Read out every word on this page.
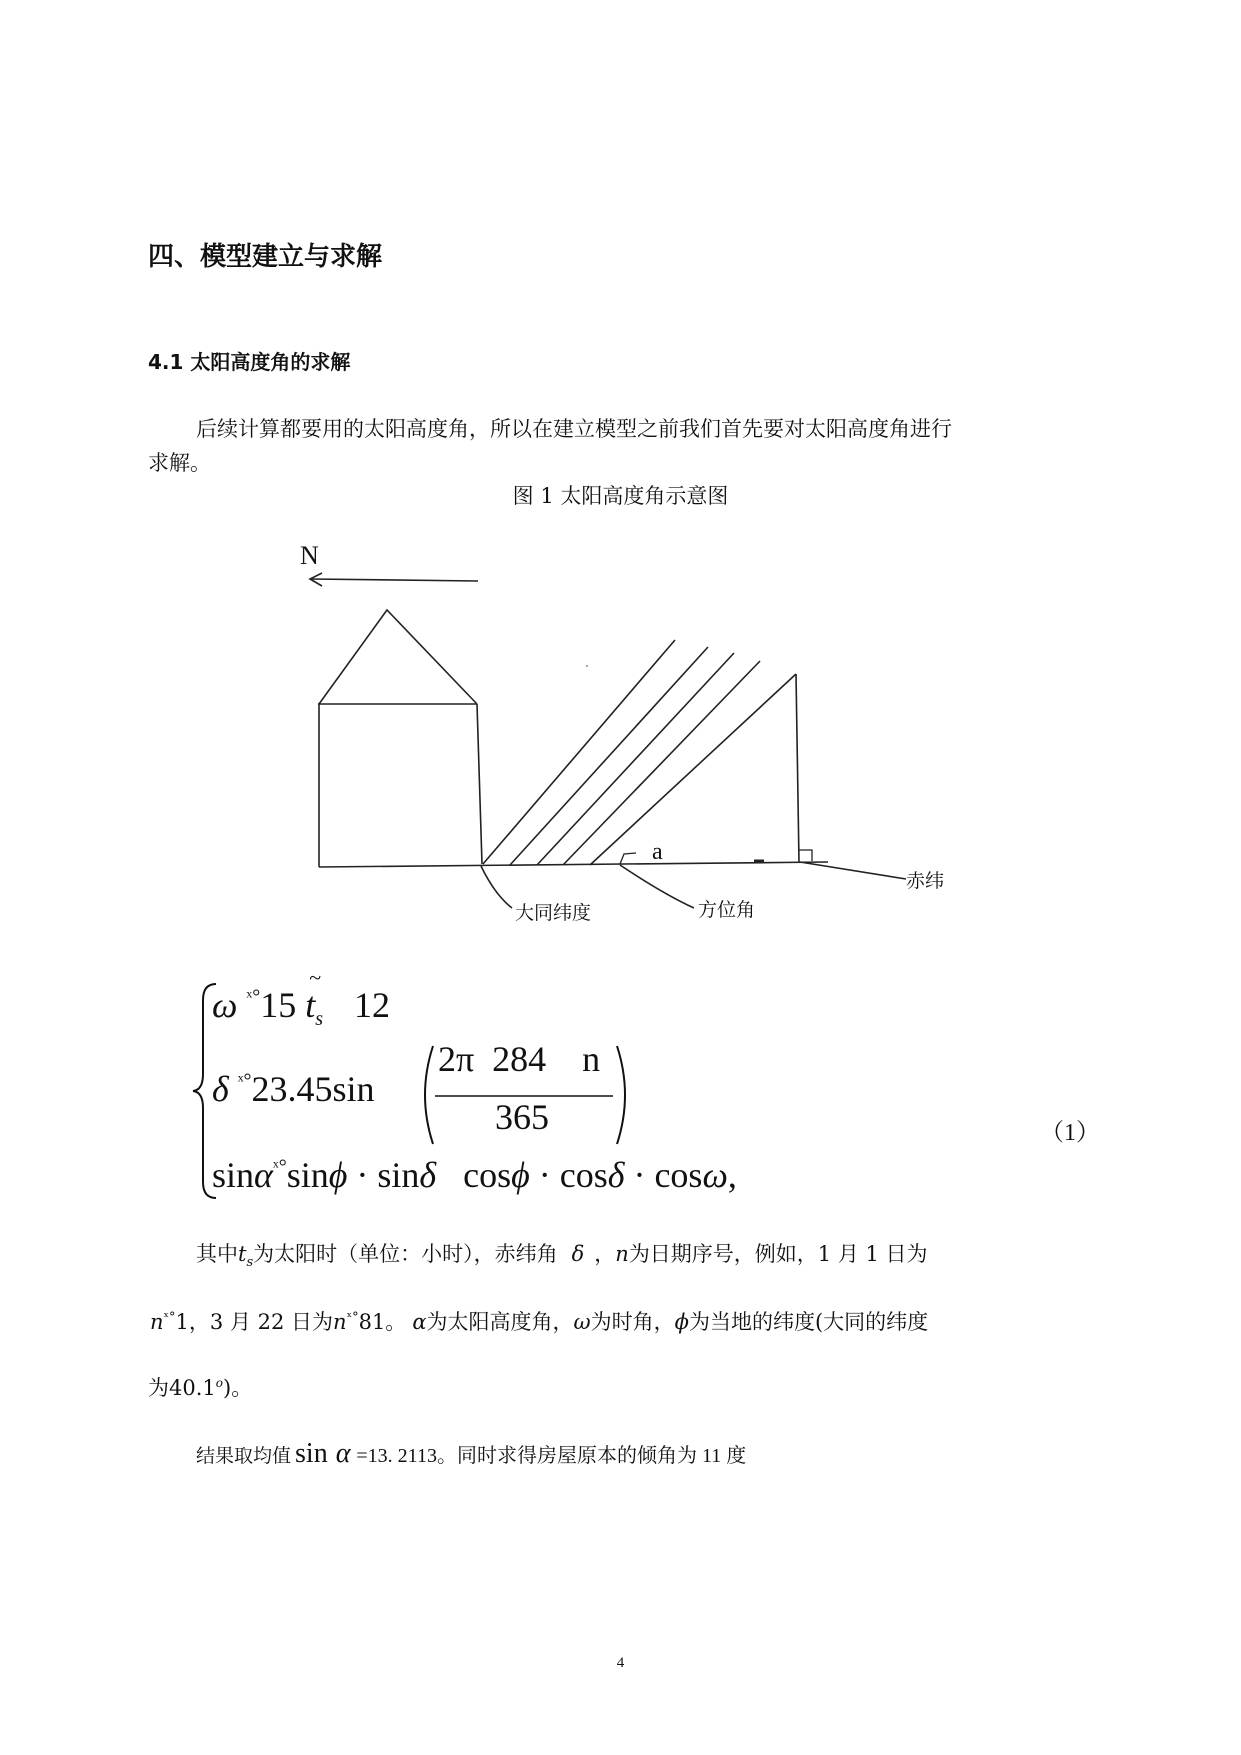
四、模型建立与求解
4.1 太阳高度角的求解
后续计算都要用的太阳高度角，所以在建立模型之前我们首先要对太阳高度角进行
求解。
图 1 太阳高度角示意图
N
a
大同纬度	方位角
赤纬
ω $^{ˣ^\circ}$15 t
~
$_s$ 12
δ $^{ˣ^\circ}$23.45sin
2π  284    n
365
sinα$^{ˣ^\circ}$sinϕ · sinδ   cosϕ · cosδ · cosω,
（1）
其中$t_s$为太阳时（单位：小时），赤纬角 δ ，n为日期序号，例如，1 月 1 日为
$n^{ˣ^\circ}1$，3 月 22 日为$n^{ˣ^\circ}81$。 α为太阳高度角，ω为时角，ϕ为当地的纬度(大同的纬度
为40.1$^o$)。
结果取均值 sin α =13. 2113。同时求得房屋原本的倾角为 11 度
4
